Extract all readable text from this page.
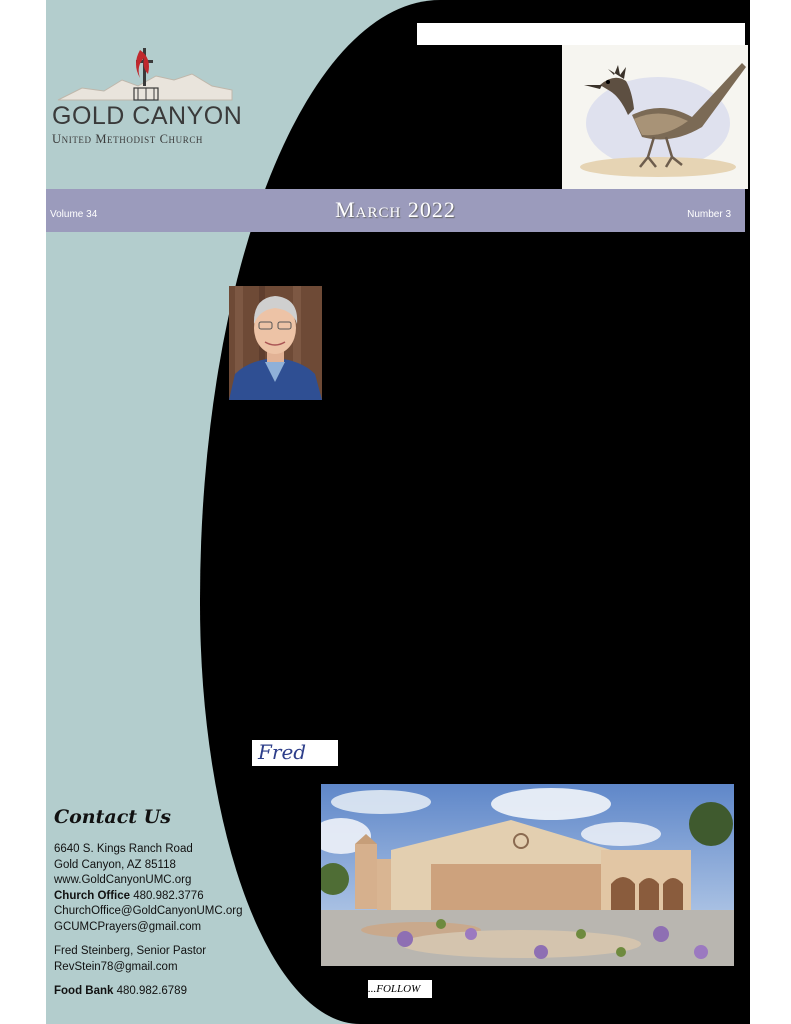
GOLD CANYON
United Methodist Church
Volume 34	March 2022	Number 3
Fred
Contact Us
6640 S. Kings Ranch Road
Gold Canyon, AZ 85118
www.GoldCanyonUMC.org
Church Office 480.982.3776
ChurchOffice@GoldCanyonUMC.org
GCUMCPrayers@gmail.com
Fred Steinberg, Senior Pastor
RevStein78@gmail.com
Food Bank 480.982.6789	...FOLLOW
